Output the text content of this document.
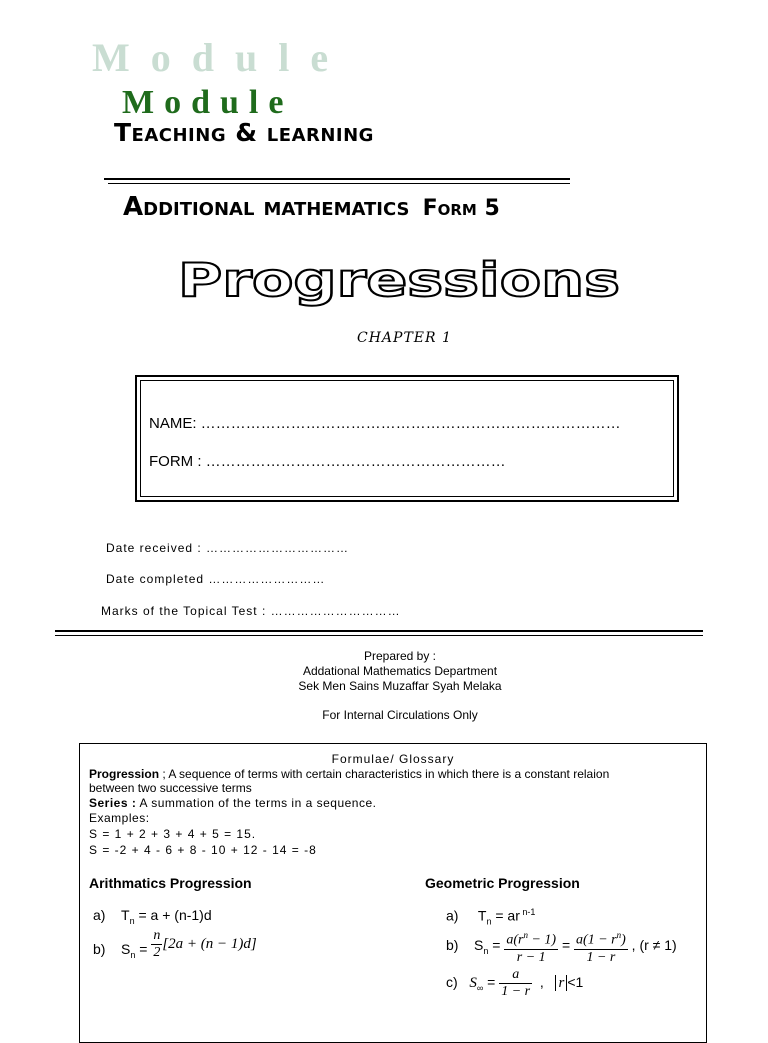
Module
Module
Teaching & learning
Additional mathematics Form 5
Progressions
CHAPTER 1
NAME: …………………………………………………………………………
FORM : ……………………………………………………
Date received : ……………………………
Date completed ………………………
Marks of the Topical Test : …………………………
Prepared by :
Addational Mathematics Department
Sek Men Sains Muzaffar Syah Melaka
For Internal Circulations Only
Formulae/ Glossary
Progression ; A sequence of terms with certain characteristics in which there is a constant relaion
between two successive terms
Series : A summation of the terms in a sequence.
Examples:
S = 1 + 2 + 3 + 4 + 5 = 15.
S = -2 + 4 - 6 + 8 - 10 + 12 - 14 = -8
Arithmatics Progression
a)    $T_n = a + (n-1)d$
b) $S_n = \frac{n}{2} [2a + (n - 1)d]$
Geometric Progression
a)     $T_n$ = ar $^{n-1}$
b)    $S_n = \frac{a(r^n - 1)}{r - 1} = \frac{a(1 - r^n)}{1 - r}$ , (r ≠ 1)
c) $S_\infty = \frac{a}{1 - r}$ ,   r <1
